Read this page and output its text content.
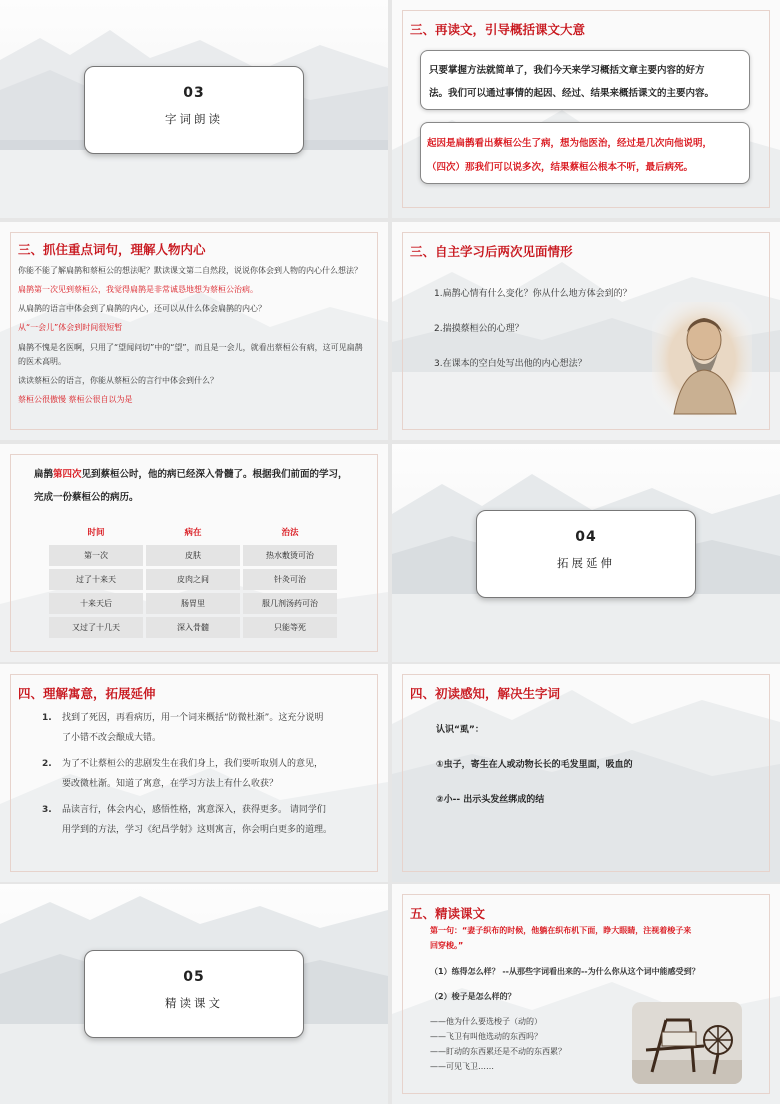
03
字词朗读
三、再读文，引导概括课文大意
只要掌握方法就简单了，我们今天来学习概括文章主要内容的好方
法。我们可以通过事情的起因、经过、结果来概括课文的主要内容。
起因是扁鹊看出蔡桓公生了病，想为他医治，经过是几次向他说明，
（四次）那我们可以说多次，结果蔡桓公根本不听，最后病死。
三、抓住重点词句，理解人物内心
你能不能了解扁鹊和蔡桓公的想法呢？默读课文第二自然段，说说你体会到人物的内心什么想法？
扁鹊第一次见到蔡桓公，我觉得扁鹊是非常诚恳地想为蔡桓公治病。
从扁鹊的语言中体会到了扁鹊的内心，还可以从什么体会扁鹊的内心？
从“一会儿”体会到时间很短暂
扁鹊不愧是名医啊，只用了“望闻问切”中的“望”，而且是一会儿，就看出蔡桓公有病，这可见扁鹊
的医术高明。
读读蔡桓公的语言，你能从蔡桓公的言行中体会到什么？
蔡桓公很傲慢 蔡桓公很自以为是
三、自主学习后两次见面情形
1.扁鹊心情有什么变化？你从什么地方体会到的？
2.揣摸蔡桓公的心理？
3.在课本的空白处写出他的内心想法？
扁鹊第四次见到蔡桓公时，他的病已经深入骨髓了。根据我们前面的学习，
完成一份蔡桓公的病历。
时间	病在	治法
第一次	皮肤	热水敷烫可治
过了十来天	皮肉之间	针灸可治
十来天后	肠胃里	服几剂汤药可治
又过了十几天	深入骨髓	只能等死
04
拓展延伸
四、理解寓意，拓展延伸
1. 找到了死因，再看病历，用一个词来概括“防微杜渐”。这充分说明
了小错不改会酿成大错。
2. 为了不让蔡桓公的悲剧发生在我们身上，我们要听取别人的意见，
要改微杜渐。知道了寓意，在学习方法上有什么收获？
3. 品读言行，体会内心，感悟性格，寓意深入，获得更多。 请同学们
用学到的方法，学习《纪昌学射》这则寓言，你会明白更多的道理。
四、初读感知，解决生字词
认识“虱”：
①虫子，寄生在人或动物长长的毛发里面，吸血的
②小-- 出示头发丝绑成的结
05
精读课文
五、精读课文
第一句：“妻子织布的时候，他躺在织布机下面，睁大眼睛，注视着梭子来
回穿梭。”
（1）练得怎么样？ --从那些字词看出来的--为什么你从这个词中能感受到？
（2）梭子是怎么样的？
——他为什么要选梭子（动的）
——飞卫有叫他选动的东西吗？
——盯动的东西累还是不动的东西累？
——可见飞卫……
